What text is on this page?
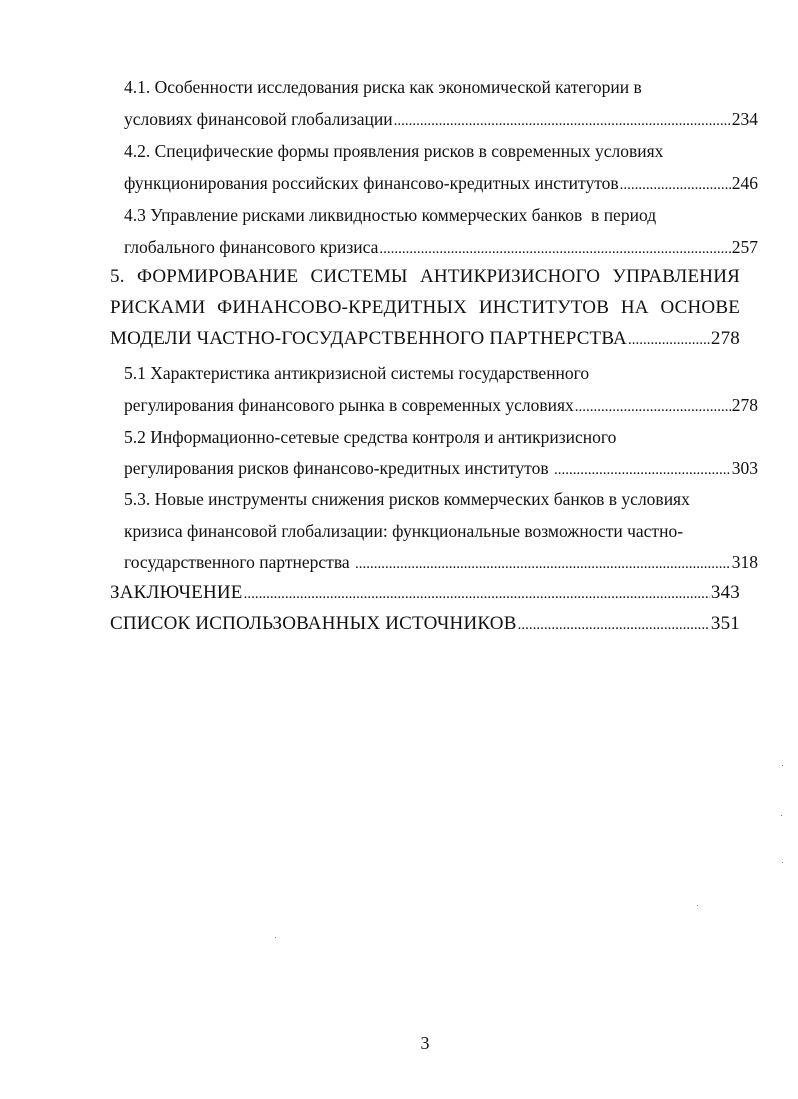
4.1. Особенности исследования риска как экономической категории в
условиях финансовой глобализации .....	234
4.2. Специфические формы проявления рисков в современных условиях
функционирования российских финансово-кредитных институтов .....	246
4.3 Управление рисками ликвидностью коммерческих банков  в период
глобального финансового кризиса .....	257
5. ФОРМИРОВАНИЕ СИСТЕМЫ АНТИКРИЗИСНОГО УПРАВЛЕНИЯ
РИСКАМИ ФИНАНСОВО-КРЕДИТНЫХ ИНСТИТУТОВ НА ОСНОВЕ
МОДЕЛИ ЧАСТНО-ГОСУДАРСТВЕННОГО ПАРТНЕРСТВА .....	278
5.1 Характеристика антикризисной системы государственного
регулирования финансового рынка в современных условиях .....	278
5.2 Информационно-сетевые средства контроля и антикризисного
регулирования рисков финансово-кредитных институтов .....	303
5.3. Новые инструменты снижения рисков коммерческих банков в условиях
кризиса финансовой глобализации: функциональные возможности частно-
государственного партнерства .....	318
ЗАКЛЮЧЕНИЕ .....	343
СПИСОК ИСПОЛЬЗОВАННЫХ ИСТОЧНИКОВ .....	351
3
